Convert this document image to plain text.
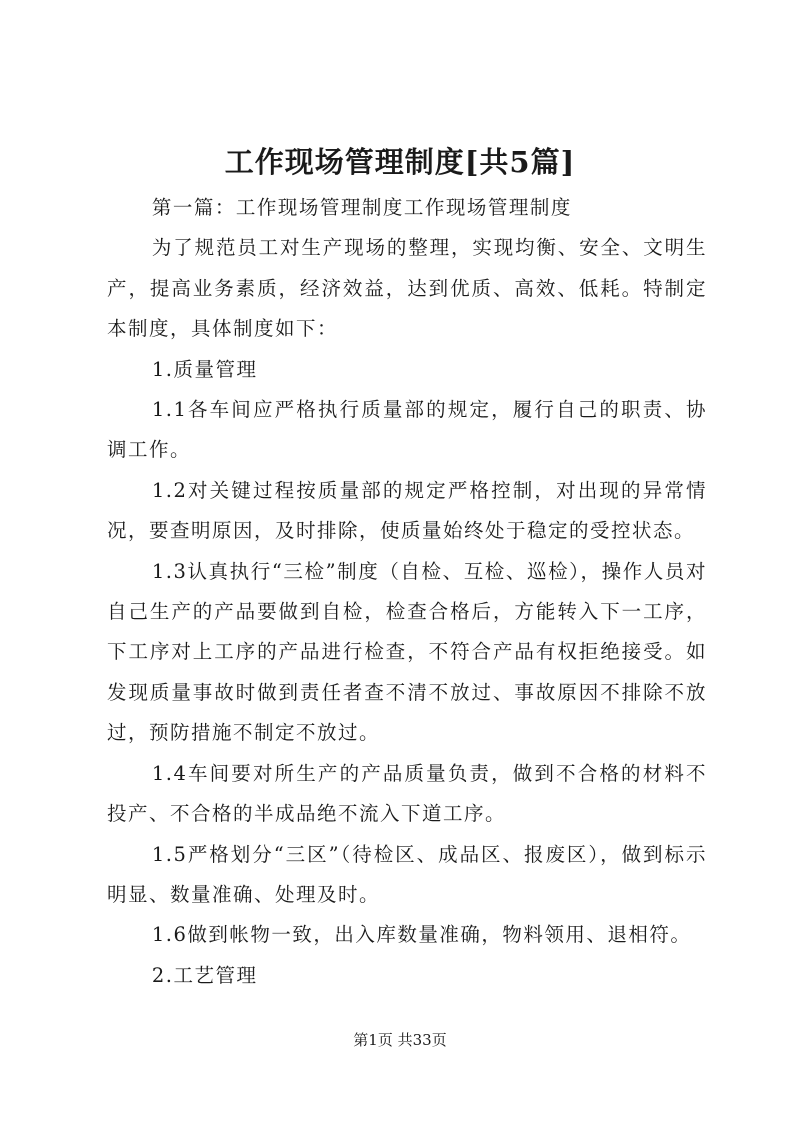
工作现场管理制度[共5篇]

第一篇：工作现场管理制度工作现场管理制度

为了规范员工对生产现场的整理，实现均衡、安全、文明生产，提高业务素质，经济效益，达到优质、高效、低耗。特制定本制度，具体制度如下：

1.质量管理

1.1各车间应严格执行质量部的规定，履行自己的职责、协调工作。

1.2对关键过程按质量部的规定严格控制，对出现的异常情况，要查明原因，及时排除，使质量始终处于稳定的受控状态。

1.3认真执行“三检”制度（自检、互检、巡检），操作人员对自己生产的产品要做到自检，检查合格后，方能转入下一工序，下工序对上工序的产品进行检查，不符合产品有权拒绝接受。如发现质量事故时做到责任者查不清不放过、事故原因不排除不放过，预防措施不制定不放过。

1.4车间要对所生产的产品质量负责，做到不合格的材料不投产、不合格的半成品绝不流入下道工序。

1.5严格划分“三区”（待检区、成品区、报废区），做到标示明显、数量准确、处理及时。

1.6做到帐物一致，出入库数量准确，物料领用、退相符。

2.工艺管理

第1页 共33页
